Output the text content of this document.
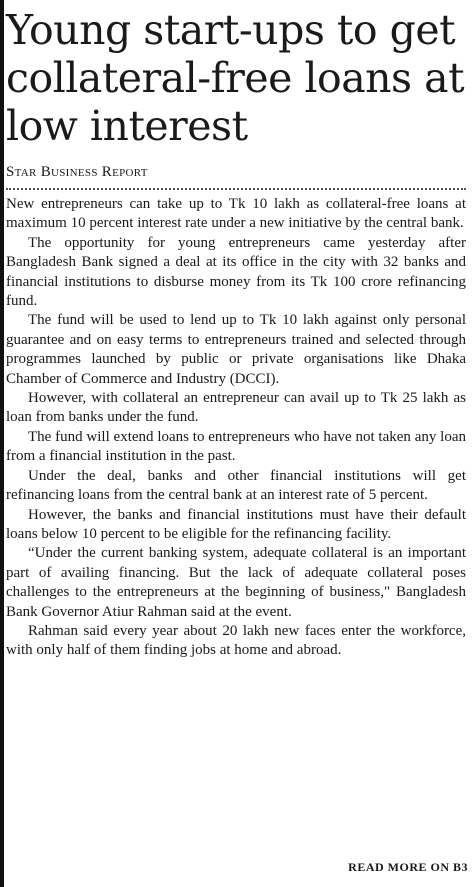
Young start-ups to get collateral-free loans at low interest
Star Business Report

New entrepreneurs can take up to Tk 10 lakh as collateral-free loans at maximum 10 percent interest rate under a new initiative by the central bank.

The opportunity for young entrepreneurs came yesterday after Bangladesh Bank signed a deal at its office in the city with 32 banks and financial institutions to disburse money from its Tk 100 crore refinancing fund.

The fund will be used to lend up to Tk 10 lakh against only personal guarantee and on easy terms to entrepreneurs trained and selected through programmes launched by public or private organisations like Dhaka Chamber of Commerce and Industry (DCCI).

However, with collateral an entrepreneur can avail up to Tk 25 lakh as loan from banks under the fund.

The fund will extend loans to entrepreneurs who have not taken any loan from a financial institution in the past.

Under the deal, banks and other financial institutions will get refinancing loans from the central bank at an interest rate of 5 percent.

However, the banks and financial institutions must have their default loans below 10 percent to be eligible for the refinancing facility.

“Under the current banking system, adequate collateral is an important part of availing financing. But the lack of adequate collateral poses challenges to the entrepreneurs at the beginning of business," Bangladesh Bank Governor Atiur Rahman said at the event.

Rahman said every year about 20 lakh new faces enter the workforce, with only half of them finding jobs at home and abroad.

READ MORE ON B3
